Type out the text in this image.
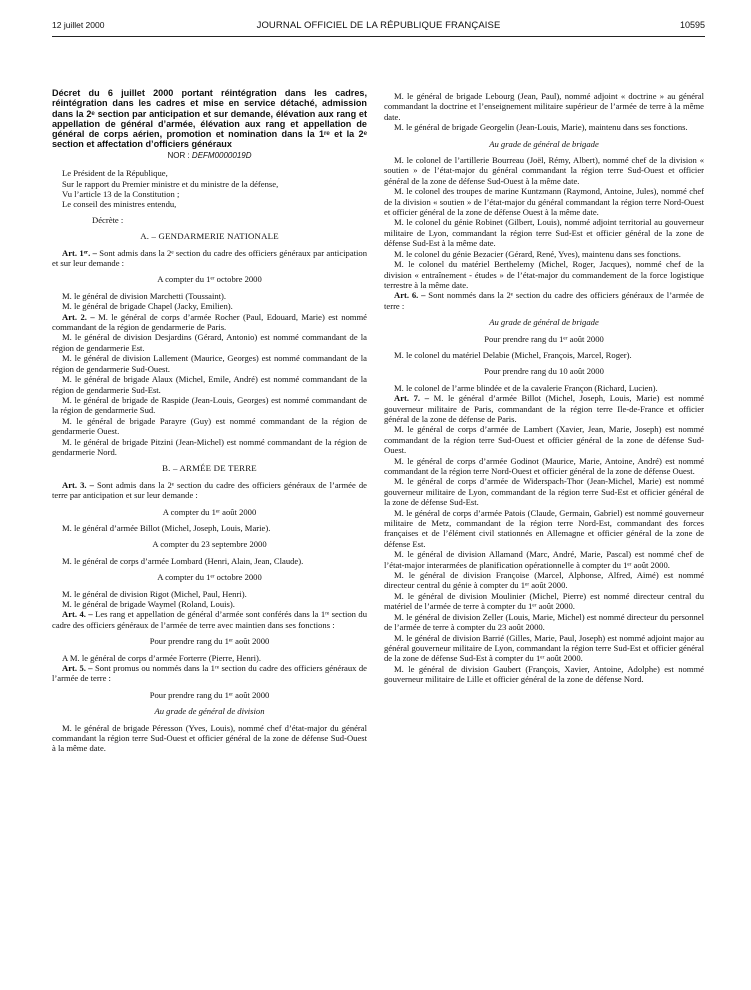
12 juillet 2000	JOURNAL OFFICIEL DE LA RÉPUBLIQUE FRANÇAISE	10595

Décret du 6 juillet 2000 portant réintégration dans les cadres, réintégration dans les cadres et mise en service détaché, admission dans la 2ᵉ section par anticipation et sur demande, élévation aux rang et appellation de général d’armée, élévation aux rang et appellation de général de corps aérien, promotion et nomination dans la 1ʳᵉ et la 2ᵉ section et affectation d’officiers généraux

NOR : DEFM0000019D

Le Président de la République,

Sur le rapport du Premier ministre et du ministre de la défense,

Vu l’article 13 de la Constitution ;

Le conseil des ministres entendu,

Décrète :

A. – GENDARMERIE NATIONALE

Art. 1ᵉʳ. – Sont admis dans la 2ᵉ section du cadre des officiers généraux par anticipation et sur leur demande :

A compter du 1ᵉʳ octobre 2000

M. le général de division Marchetti (Toussaint).

M. le général de brigade Chapel (Jacky, Emilien).

Art. 2. – M. le général de corps d’armée Rocher (Paul, Edouard, Marie) est nommé commandant de la région de gendarmerie de Paris.

M. le général de division Desjardins (Gérard, Antonio) est nommé commandant de la région de gendarmerie Est.

M. le général de division Lallement (Maurice, Georges) est nommé commandant de la région de gendarmerie Sud-Ouest.

M. le général de brigade Alaux (Michel, Emile, André) est nommé commandant de la région de gendarmerie Sud-Est.

M. le général de brigade de Raspide (Jean-Louis, Georges) est nommé commandant de la région de gendarmerie Sud.

M. le général de brigade Parayre (Guy) est nommé commandant de la région de gendarmerie Ouest.

M. le général de brigade Pitzini (Jean-Michel) est nommé commandant de la région de gendarmerie Nord.

B. – ARMÉE DE TERRE

Art. 3. – Sont admis dans la 2ᵉ section du cadre des officiers généraux de l’armée de terre par anticipation et sur leur demande :

A compter du 1ᵉʳ août 2000

M. le général d’armée Billot (Michel, Joseph, Louis, Marie).

A compter du 23 septembre 2000

M. le général de corps d’armée Lombard (Henri, Alain, Jean, Claude).

A compter du 1ᵉʳ octobre 2000

M. le général de division Rigot (Michel, Paul, Henri).

M. le général de brigade Waymel (Roland, Louis).

Art. 4. – Les rang et appellation de général d’armée sont conférés dans la 1ʳᵉ section du cadre des officiers généraux de l’armée de terre avec maintien dans ses fonctions :

Pour prendre rang du 1ᵉʳ août 2000

A M. le général de corps d’armée Forterre (Pierre, Henri).

Art. 5. – Sont promus ou nommés dans la 1ʳᵉ section du cadre des officiers généraux de l’armée de terre :

Pour prendre rang du 1ᵉʳ août 2000

Au grade de général de division

M. le général de brigade Péresson (Yves, Louis), nommé chef d’état-major du général commandant la région terre Sud-Ouest et officier général de la zone de défense Sud-Ouest à la même date.

M. le général de brigade Lebourg (Jean, Paul), nommé adjoint « doctrine » au général commandant la doctrine et l’enseignement militaire supérieur de l’armée de terre à la même date.

M. le général de brigade Georgelin (Jean-Louis, Marie), maintenu dans ses fonctions.

Au grade de général de brigade

M. le colonel de l’artillerie Bourreau (Joël, Rémy, Albert), nommé chef de la division « soutien » de l’état-major du général commandant la région terre Sud-Ouest et officier général de la zone de défense Sud-Ouest à la même date.

M. le colonel des troupes de marine Kuntzmann (Raymond, Antoine, Jules), nommé chef de la division « soutien » de l’état-major du général commandant la région terre Nord-Ouest et officier général de la zone de défense Ouest à la même date.

M. le colonel du génie Robinet (Gilbert, Louis), nommé adjoint territorial au gouverneur militaire de Lyon, commandant la région terre Sud-Est et officier général de la zone de défense Sud-Est à la même date.

M. le colonel du génie Bezacier (Gérard, René, Yves), maintenu dans ses fonctions.

M. le colonel du matériel Berthelemy (Michel, Roger, Jacques), nommé chef de la division « entraînement - études » de l’état-major du commandement de la force logistique terrestre à la même date.

Art. 6. – Sont nommés dans la 2ᵉ section du cadre des officiers généraux de l’armée de terre :

Au grade de général de brigade

Pour prendre rang du 1ᵉʳ août 2000

M. le colonel du matériel Delabie (Michel, François, Marcel, Roger).

Pour prendre rang du 10 août 2000

M. le colonel de l’arme blindée et de la cavalerie Françon (Richard, Lucien).

Art. 7. – M. le général d’armée Billot (Michel, Joseph, Louis, Marie) est nommé gouverneur militaire de Paris, commandant de la région terre Ile-de-France et officier général de la zone de défense de Paris.

M. le général de corps d’armée de Lambert (Xavier, Jean, Marie, Joseph) est nommé commandant de la région terre Sud-Ouest et officier général de la zone de défense Sud-Ouest.

M. le général de corps d’armée Godinot (Maurice, Marie, Antoine, André) est nommé commandant de la région terre Nord-Ouest et officier général de la zone de défense Ouest.

M. le général de corps d’armée de Widerspach-Thor (Jean-Michel, Marie) est nommé gouverneur militaire de Lyon, commandant de la région terre Sud-Est et officier général de la zone de défense Sud-Est.

M. le général de corps d’armée Patois (Claude, Germain, Gabriel) est nommé gouverneur militaire de Metz, commandant de la région terre Nord-Est, commandant des forces françaises et de l’élément civil stationnés en Allemagne et officier général de la zone de défense Est.

M. le général de division Allamand (Marc, André, Marie, Pascal) est nommé chef de l’état-major interarmées de planification opérationnelle à compter du 1ᵉʳ août 2000.

M. le général de division Françoise (Marcel, Alphonse, Alfred, Aimé) est nommé directeur central du génie à compter du 1ᵉʳ août 2000.

M. le général de division Moulinier (Michel, Pierre) est nommé directeur central du matériel de l’armée de terre à compter du 1ᵉʳ août 2000.

M. le général de division Zeller (Louis, Marie, Michel) est nommé directeur du personnel de l’armée de terre à compter du 23 août 2000.

M. le général de division Barrié (Gilles, Marie, Paul, Joseph) est nommé adjoint major au général gouverneur militaire de Lyon, commandant la région terre Sud-Est et officier général de la zone de défense Sud-Est à compter du 1ᵉʳ août 2000.

M. le général de division Gaubert (François, Xavier, Antoine, Adolphe) est nommé gouverneur militaire de Lille et officier général de la zone de défense Nord.
